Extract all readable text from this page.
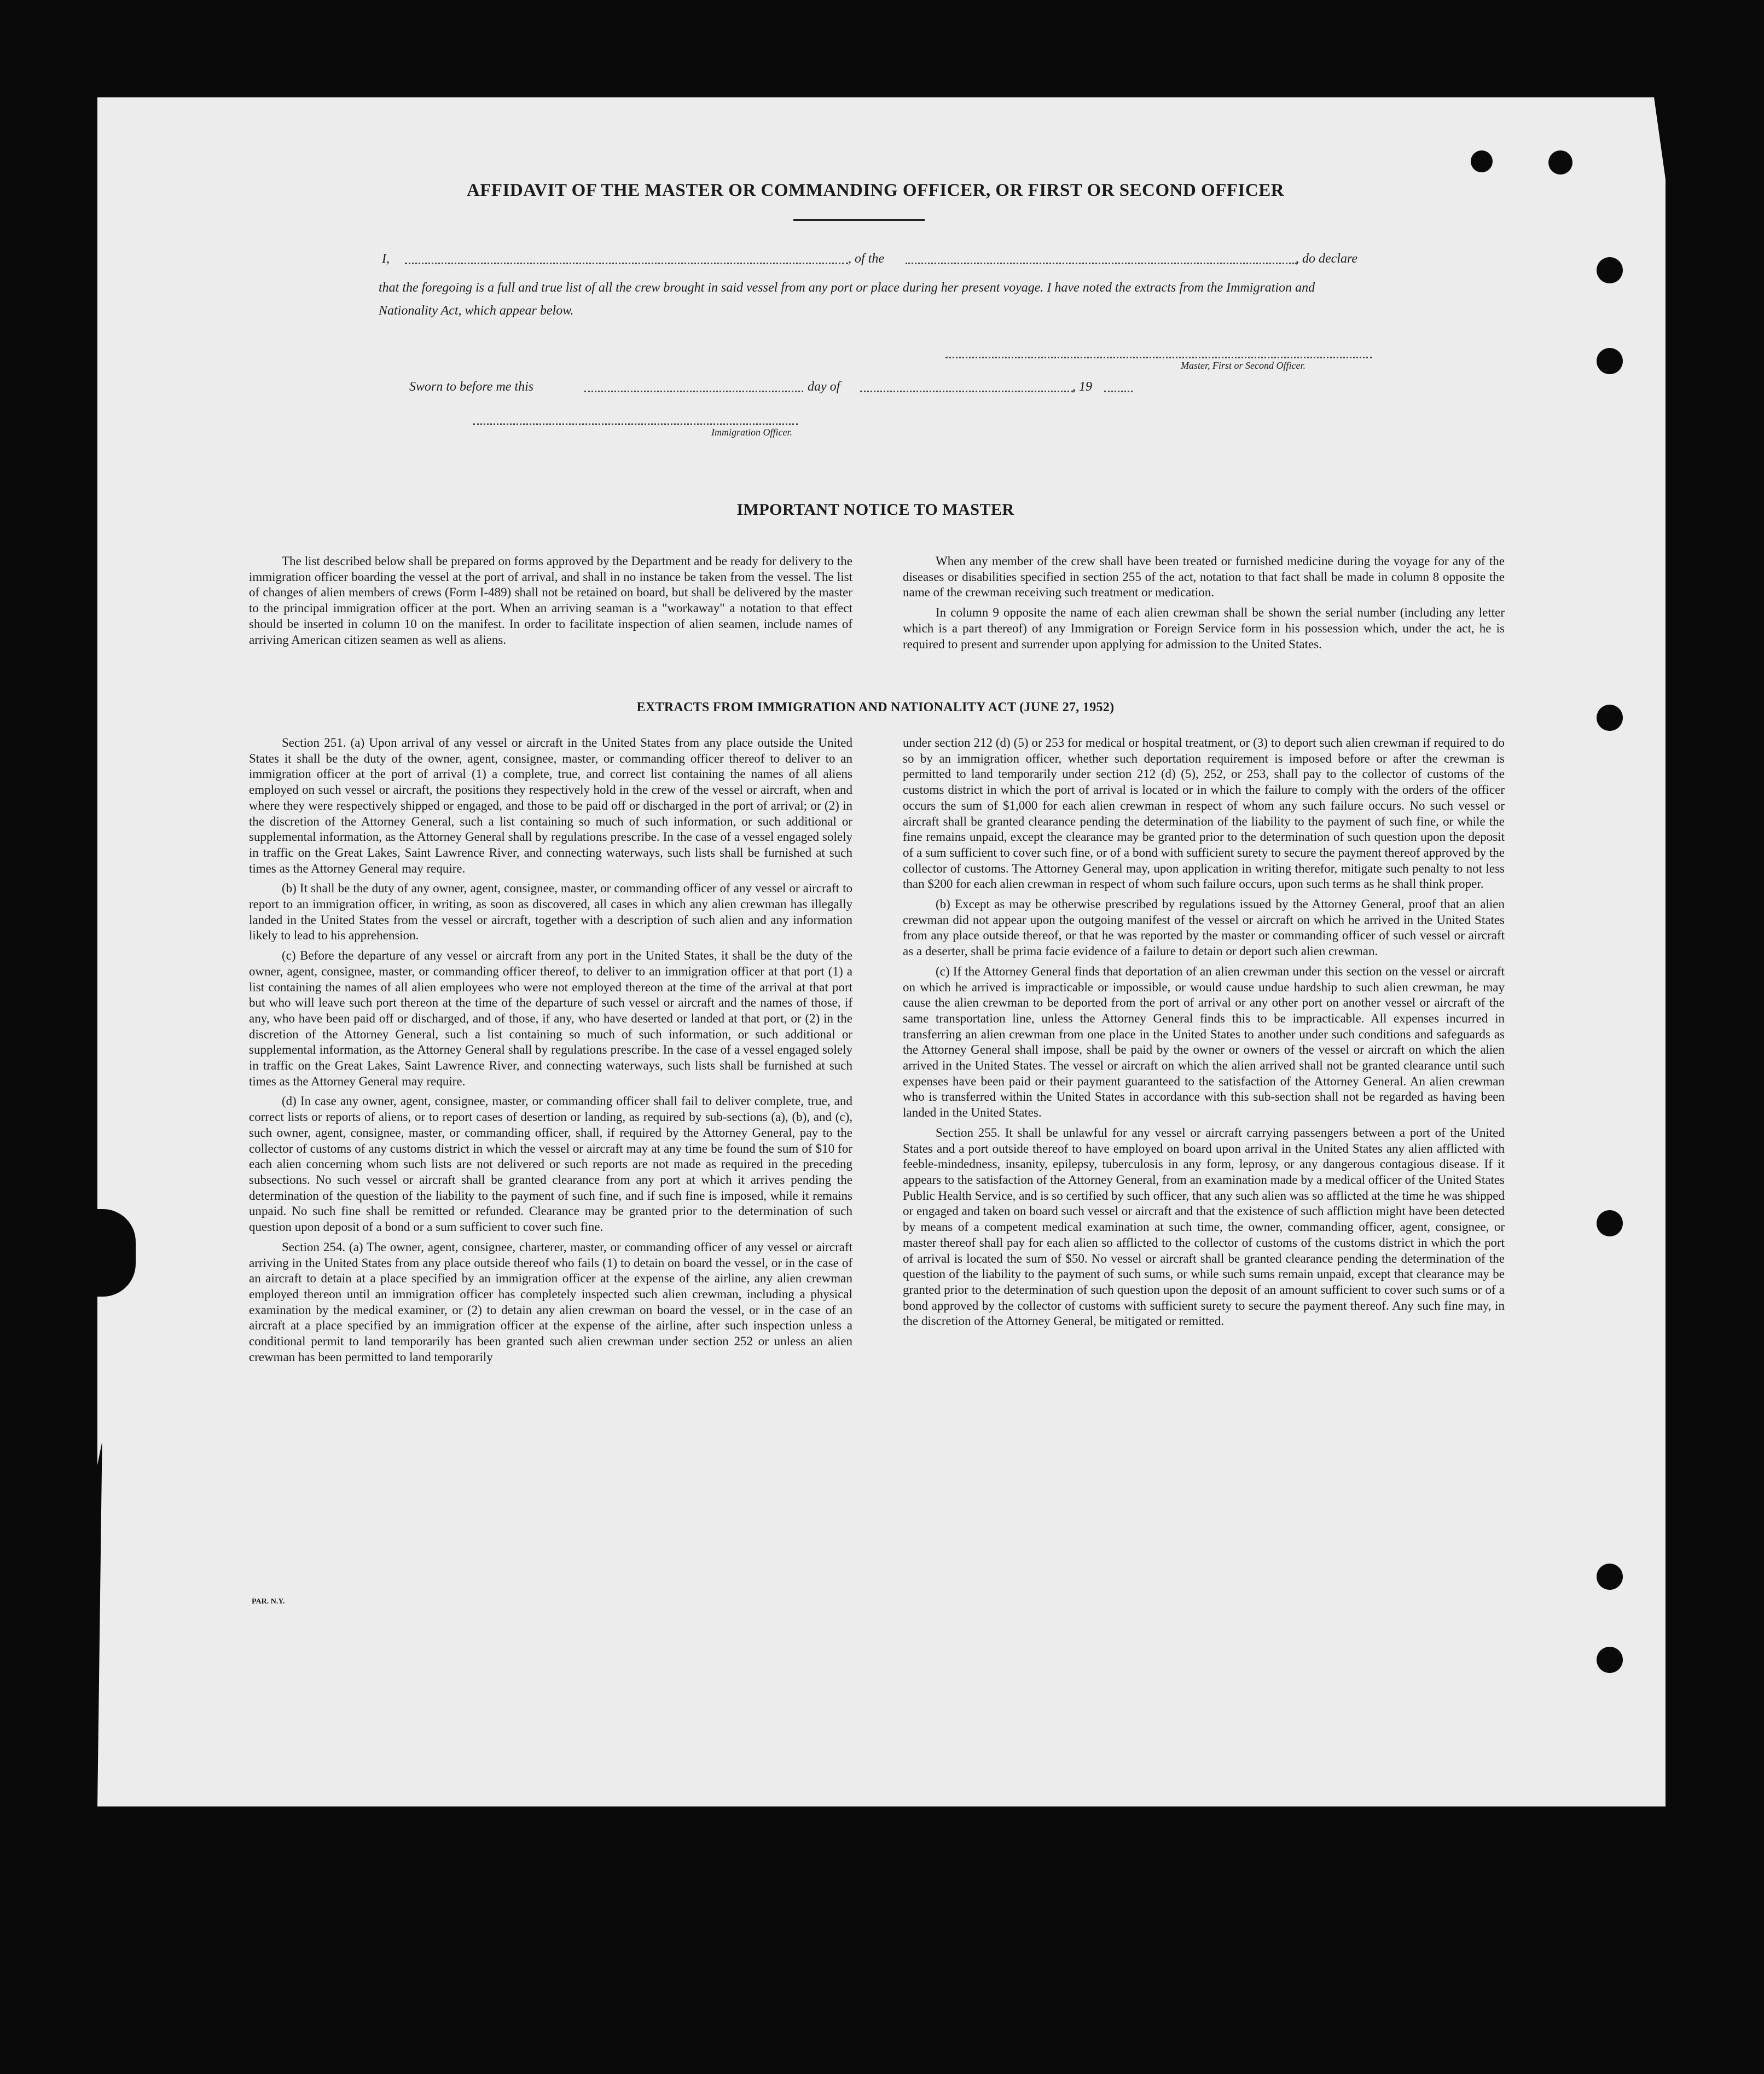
AFFIDAVIT OF THE MASTER OR COMMANDING OFFICER, OR FIRST OR SECOND OFFICER
I,	, of the	, do declare
that the foregoing is a full and true list of all the crew brought in said vessel from any port or place during her present voyage. I have noted the extracts from the Immigration and Nationality Act, which appear below.
Master, First or Second Officer.
Sworn to before me this	day of	, 19
Immigration Officer.
IMPORTANT NOTICE TO MASTER

The list described below shall be prepared on forms approved by the Department and be ready for delivery to the immigration officer boarding the vessel at the port of arrival, and shall in no instance be taken from the vessel. The list of changes of alien members of crews (Form I-489) shall not be retained on board, but shall be delivered by the master to the principal immigration officer at the port. When an arriving seaman is a "workaway" a notation to that effect should be inserted in column 10 on the manifest. In order to facilitate inspection of alien seamen, include names of arriving American citizen seamen as well as aliens.

When any member of the crew shall have been treated or furnished medicine during the voyage for any of the diseases or disabilities specified in section 255 of the act, notation to that fact shall be made in column 8 opposite the name of the crewman receiving such treatment or medication.

In column 9 opposite the name of each alien crewman shall be shown the serial number (including any letter which is a part thereof) of any Immigration or Foreign Service form in his possession which, under the act, he is required to present and surrender upon applying for admission to the United States.

EXTRACTS FROM IMMIGRATION AND NATIONALITY ACT (JUNE 27, 1952)

Section 251. (a) Upon arrival of any vessel or aircraft in the United States from any place outside the United States it shall be the duty of the owner, agent, consignee, master, or commanding officer thereof to deliver to an immigration officer at the port of arrival (1) a complete, true, and correct list containing the names of all aliens employed on such vessel or aircraft, the positions they respectively hold in the crew of the vessel or aircraft, when and where they were respectively shipped or engaged, and those to be paid off or discharged in the port of arrival; or (2) in the discretion of the Attorney General, such a list containing so much of such information, or such additional or supplemental information, as the Attorney General shall by regulations prescribe. In the case of a vessel engaged solely in traffic on the Great Lakes, Saint Lawrence River, and connecting waterways, such lists shall be furnished at such times as the Attorney General may require.

(b) It shall be the duty of any owner, agent, consignee, master, or commanding officer of any vessel or aircraft to report to an immigration officer, in writing, as soon as discovered, all cases in which any alien crewman has illegally landed in the United States from the vessel or aircraft, together with a description of such alien and any information likely to lead to his apprehension.

(c) Before the departure of any vessel or aircraft from any port in the United States, it shall be the duty of the owner, agent, consignee, master, or commanding officer thereof, to deliver to an immigration officer at that port (1) a list containing the names of all alien employees who were not employed thereon at the time of the arrival at that port but who will leave such port thereon at the time of the departure of such vessel or aircraft and the names of those, if any, who have been paid off or discharged, and of those, if any, who have deserted or landed at that port, or (2) in the discretion of the Attorney General, such a list containing so much of such information, or such additional or supplemental information, as the Attorney General shall by regulations prescribe. In the case of a vessel engaged solely in traffic on the Great Lakes, Saint Lawrence River, and connecting waterways, such lists shall be furnished at such times as the Attorney General may require.

(d) In case any owner, agent, consignee, master, or commanding officer shall fail to deliver complete, true, and correct lists or reports of aliens, or to report cases of desertion or landing, as required by sub-sections (a), (b), and (c), such owner, agent, consignee, master, or commanding officer, shall, if required by the Attorney General, pay to the collector of customs of any customs district in which the vessel or aircraft may at any time be found the sum of $10 for each alien concerning whom such lists are not delivered or such reports are not made as required in the preceding subsections. No such vessel or aircraft shall be granted clearance from any port at which it arrives pending the determination of the question of the liability to the payment of such fine, and if such fine is imposed, while it remains unpaid. No such fine shall be remitted or refunded. Clearance may be granted prior to the determination of such question upon deposit of a bond or a sum sufficient to cover such fine.

Section 254. (a) The owner, agent, consignee, charterer, master, or commanding officer of any vessel or aircraft arriving in the United States from any place outside thereof who fails (1) to detain on board the vessel, or in the case of an aircraft to detain at a place specified by an immigration officer at the expense of the airline, any alien crewman employed thereon until an immigration officer has completely inspected such alien crewman, including a physical examination by the medical examiner, or (2) to detain any alien crewman on board the vessel, or in the case of an aircraft at a place specified by an immigration officer at the expense of the airline, after such inspection unless a conditional permit to land temporarily has been granted such alien crewman under section 252 or unless an alien crewman has been permitted to land temporarily

under section 212 (d) (5) or 253 for medical or hospital treatment, or (3) to deport such alien crewman if required to do so by an immigration officer, whether such deportation requirement is imposed before or after the crewman is permitted to land temporarily under section 212 (d) (5), 252, or 253, shall pay to the collector of customs of the customs district in which the port of arrival is located or in which the failure to comply with the orders of the officer occurs the sum of $1,000 for each alien crewman in respect of whom any such failure occurs. No such vessel or aircraft shall be granted clearance pending the determination of the liability to the payment of such fine, or while the fine remains unpaid, except the clearance may be granted prior to the determination of such question upon the deposit of a sum sufficient to cover such fine, or of a bond with sufficient surety to secure the payment thereof approved by the collector of customs. The Attorney General may, upon application in writing therefor, mitigate such penalty to not less than $200 for each alien crewman in respect of whom such failure occurs, upon such terms as he shall think proper.

(b) Except as may be otherwise prescribed by regulations issued by the Attorney General, proof that an alien crewman did not appear upon the outgoing manifest of the vessel or aircraft on which he arrived in the United States from any place outside thereof, or that he was reported by the master or commanding officer of such vessel or aircraft as a deserter, shall be prima facie evidence of a failure to detain or deport such alien crewman.

(c) If the Attorney General finds that deportation of an alien crewman under this section on the vessel or aircraft on which he arrived is impracticable or impossible, or would cause undue hardship to such alien crewman, he may cause the alien crewman to be deported from the port of arrival or any other port on another vessel or aircraft of the same transportation line, unless the Attorney General finds this to be impracticable. All expenses incurred in transferring an alien crewman from one place in the United States to another under such conditions and safeguards as the Attorney General shall impose, shall be paid by the owner or owners of the vessel or aircraft on which the alien arrived in the United States. The vessel or aircraft on which the alien arrived shall not be granted clearance until such expenses have been paid or their payment guaranteed to the satisfaction of the Attorney General. An alien crewman who is transferred within the United States in accordance with this sub-section shall not be regarded as having been landed in the United States.

Section 255. It shall be unlawful for any vessel or aircraft carrying passengers between a port of the United States and a port outside thereof to have employed on board upon arrival in the United States any alien afflicted with feeble-mindedness, insanity, epilepsy, tuberculosis in any form, leprosy, or any dangerous contagious disease. If it appears to the satisfaction of the Attorney General, from an examination made by a medical officer of the United States Public Health Service, and is so certified by such officer, that any such alien was so afflicted at the time he was shipped or engaged and taken on board such vessel or aircraft and that the existence of such affliction might have been detected by means of a competent medical examination at such time, the owner, commanding officer, agent, consignee, or master thereof shall pay for each alien so afflicted to the collector of customs of the customs district in which the port of arrival is located the sum of $50. No vessel or aircraft shall be granted clearance pending the determination of the question of the liability to the payment of such sums, or while such sums remain unpaid, except that clearance may be granted prior to the determination of such question upon the deposit of an amount sufficient to cover such sums or of a bond approved by the collector of customs with sufficient surety to secure the payment thereof. Any such fine may, in the discretion of the Attorney General, be mitigated or remitted.

PAR. N.Y.
